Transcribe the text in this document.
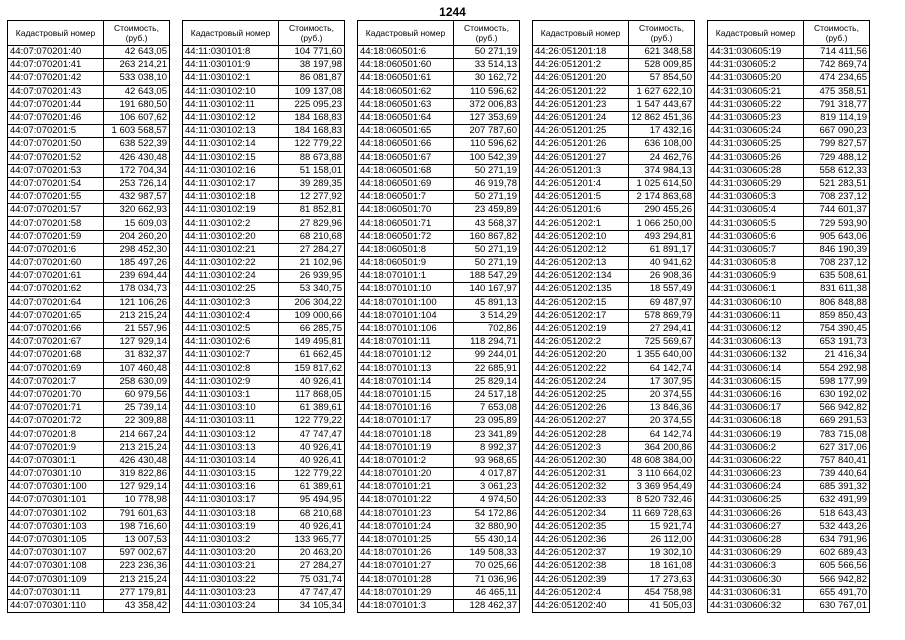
1244
Кадастровый номер	Стоимость, (руб.)
44:07:070201:40	42 643,05
44:07:070201:41	263 214,21
44:07:070201:42	533 038,10
44:07:070201:43	42 643,05
44:07:070201:44	191 680,50
44:07:070201:46	106 607,62
44:07:070201:5	1 603 568,57
44:07:070201:50	638 522,39
44:07:070201:52	426 430,48
44:07:070201:53	172 704,34
44:07:070201:54	253 726,14
44:07:070201:55	432 987,57
44:07:070201:57	320 662,93
44:07:070201:58	15 609,03
44:07:070201:59	204 260,20
44:07:070201:6	298 452,30
44:07:070201:60	185 497,26
44:07:070201:61	239 694,44
44:07:070201:62	178 034,73
44:07:070201:64	121 106,26
44:07:070201:65	213 215,24
44:07:070201:66	21 557,96
44:07:070201:67	127 929,14
44:07:070201:68	31 832,37
44:07:070201:69	107 460,48
44:07:070201:7	258 630,09
44:07:070201:70	60 979,56
44:07:070201:71	25 739,14
44:07:070201:72	22 309,88
44:07:070201:8	214 667,24
44:07:070201:9	213 215,24
44:07:070301:1	426 430,48
44:07:070301:10	319 822,86
44:07:070301:100	127 929,14
44:07:070301:101	10 778,98
44:07:070301:102	791 601,63
44:07:070301:103	198 716,60
44:07:070301:105	13 007,53
44:07:070301:107	597 002,67
44:07:070301:108	223 236,36
44:07:070301:109	213 215,24
44:07:070301:11	277 179,81
44:07:070301:110	43 358,42
Кадастровый номер	Стоимость, (руб.)
44:11:030101:8	104 771,60
44:11:030101:9	38 197,98
44:11:030102:1	86 081,87
44:11:030102:10	109 137,08
44:11:030102:11	225 095,23
44:11:030102:12	184 168,83
44:11:030102:13	184 168,83
44:11:030102:14	122 779,22
44:11:030102:15	88 673,88
44:11:030102:16	51 158,01
44:11:030102:17	39 289,35
44:11:030102:18	12 277,92
44:11:030102:19	81 852,81
44:11:030102:2	27 829,96
44:11:030102:20	68 210,68
44:11:030102:21	27 284,27
44:11:030102:22	21 102,96
44:11:030102:24	26 939,95
44:11:030102:25	53 340,75
44:11:030102:3	206 304,22
44:11:030102:4	109 000,66
44:11:030102:5	66 285,75
44:11:030102:6	149 495,81
44:11:030102:7	61 662,45
44:11:030102:8	159 817,62
44:11:030102:9	40 926,41
44:11:030103:1	117 868,05
44:11:030103:10	61 389,61
44:11:030103:11	122 779,22
44:11:030103:12	47 747,47
44:11:030103:13	40 926,41
44:11:030103:14	40 926,41
44:11:030103:15	122 779,22
44:11:030103:16	61 389,61
44:11:030103:17	95 494,95
44:11:030103:18	68 210,68
44:11:030103:19	40 926,41
44:11:030103:2	133 965,77
44:11:030103:20	20 463,20
44:11:030103:21	27 284,27
44:11:030103:22	75 031,74
44:11:030103:23	47 747,47
44:11:030103:24	34 105,34
Кадастровый номер	Стоимость, (руб.)
44:18:060501:6	50 271,19
44:18:060501:60	33 514,13
44:18:060501:61	30 162,72
44:18:060501:62	110 596,62
44:18:060501:63	372 006,83
44:18:060501:64	127 353,69
44:18:060501:65	207 787,60
44:18:060501:66	110 596,62
44:18:060501:67	100 542,39
44:18:060501:68	50 271,19
44:18:060501:69	46 919,78
44:18:060501:7	50 271,19
44:18:060501:70	23 459,89
44:18:060501:71	43 568,37
44:18:060501:72	160 867,82
44:18:060501:8	50 271,19
44:18:060501:9	50 271,19
44:18:070101:1	188 547,29
44:18:070101:10	140 167,97
44:18:070101:100	45 891,13
44:18:070101:104	3 514,29
44:18:070101:106	702,86
44:18:070101:11	118 294,71
44:18:070101:12	99 244,01
44:18:070101:13	22 685,91
44:18:070101:14	25 829,14
44:18:070101:15	24 517,18
44:18:070101:16	7 653,08
44:18:070101:17	23 095,89
44:18:070101:18	23 341,89
44:18:070101:19	8 992,37
44:18:070101:2	93 968,65
44:18:070101:20	4 017,87
44:18:070101:21	3 061,23
44:18:070101:22	4 974,50
44:18:070101:23	54 172,86
44:18:070101:24	32 880,90
44:18:070101:25	55 430,14
44:18:070101:26	149 508,33
44:18:070101:27	70 025,66
44:18:070101:28	71 036,96
44:18:070101:29	46 465,11
44:18:070101:3	128 462,37
Кадастровый номер	Стоимость, (руб.)
44:26:051201:18	621 348,58
44:26:051201:2	528 009,85
44:26:051201:20	57 854,50
44:26:051201:22	1 627 622,10
44:26:051201:23	1 547 443,67
44:26:051201:24	12 862 451,36
44:26:051201:25	17 432,16
44:26:051201:26	636 108,00
44:26:051201:27	24 462,76
44:26:051201:3	374 984,13
44:26:051201:4	1 025 614,50
44:26:051201:5	2 174 863,68
44:26:051201:6	290 455,26
44:26:051202:1	1 066 250,00
44:26:051202:10	493 294,81
44:26:051202:12	61 891,17
44:26:051202:13	40 941,62
44:26:051202:134	26 908,36
44:26:051202:135	18 557,49
44:26:051202:15	69 487,97
44:26:051202:17	578 869,79
44:26:051202:19	27 294,41
44:26:051202:2	725 569,67
44:26:051202:20	1 355 640,00
44:26:051202:22	64 142,74
44:26:051202:24	17 307,95
44:26:051202:25	20 374,55
44:26:051202:26	13 846,36
44:26:051202:27	20 374,55
44:26:051202:28	64 142,74
44:26:051202:3	364 200,86
44:26:051202:30	48 608 384,00
44:26:051202:31	3 110 664,02
44:26:051202:32	3 369 954,49
44:26:051202:33	8 520 732,46
44:26:051202:34	11 669 728,63
44:26:051202:35	15 921,74
44:26:051202:36	26 112,00
44:26:051202:37	19 302,10
44:26:051202:38	18 161,08
44:26:051202:39	17 273,63
44:26:051202:4	454 758,98
44:26:051202:40	41 505,03
Кадастровый номер	Стоимость, (руб.)
44:31:030605:19	714 411,56
44:31:030605:2	742 869,74
44:31:030605:20	474 234,65
44:31:030605:21	475 358,51
44:31:030605:22	791 318,77
44:31:030605:23	819 114,19
44:31:030605:24	667 090,23
44:31:030605:25	799 827,57
44:31:030605:26	729 488,12
44:31:030605:28	558 612,33
44:31:030605:29	521 283,51
44:31:030605:3	708 237,12
44:31:030605:4	744 601,37
44:31:030605:5	729 593,90
44:31:030605:6	905 643,06
44:31:030605:7	846 190,39
44:31:030605:8	708 237,12
44:31:030605:9	635 508,61
44:31:030606:1	831 611,38
44:31:030606:10	806 848,88
44:31:030606:11	859 850,43
44:31:030606:12	754 390,45
44:31:030606:13	653 191,73
44:31:030606:132	21 416,34
44:31:030606:14	554 292,98
44:31:030606:15	598 177,99
44:31:030606:16	630 192,02
44:31:030606:17	566 942,82
44:31:030606:18	669 291,53
44:31:030606:19	783 715,08
44:31:030606:2	627 317,06
44:31:030606:22	757 840,41
44:31:030606:23	739 440,64
44:31:030606:24	685 391,32
44:31:030606:25	632 491,99
44:31:030606:26	518 643,43
44:31:030606:27	532 443,26
44:31:030606:28	634 791,96
44:31:030606:29	602 689,43
44:31:030606:3	605 566,56
44:31:030606:30	566 942,82
44:31:030606:31	655 491,70
44:31:030606:32	630 767,01
